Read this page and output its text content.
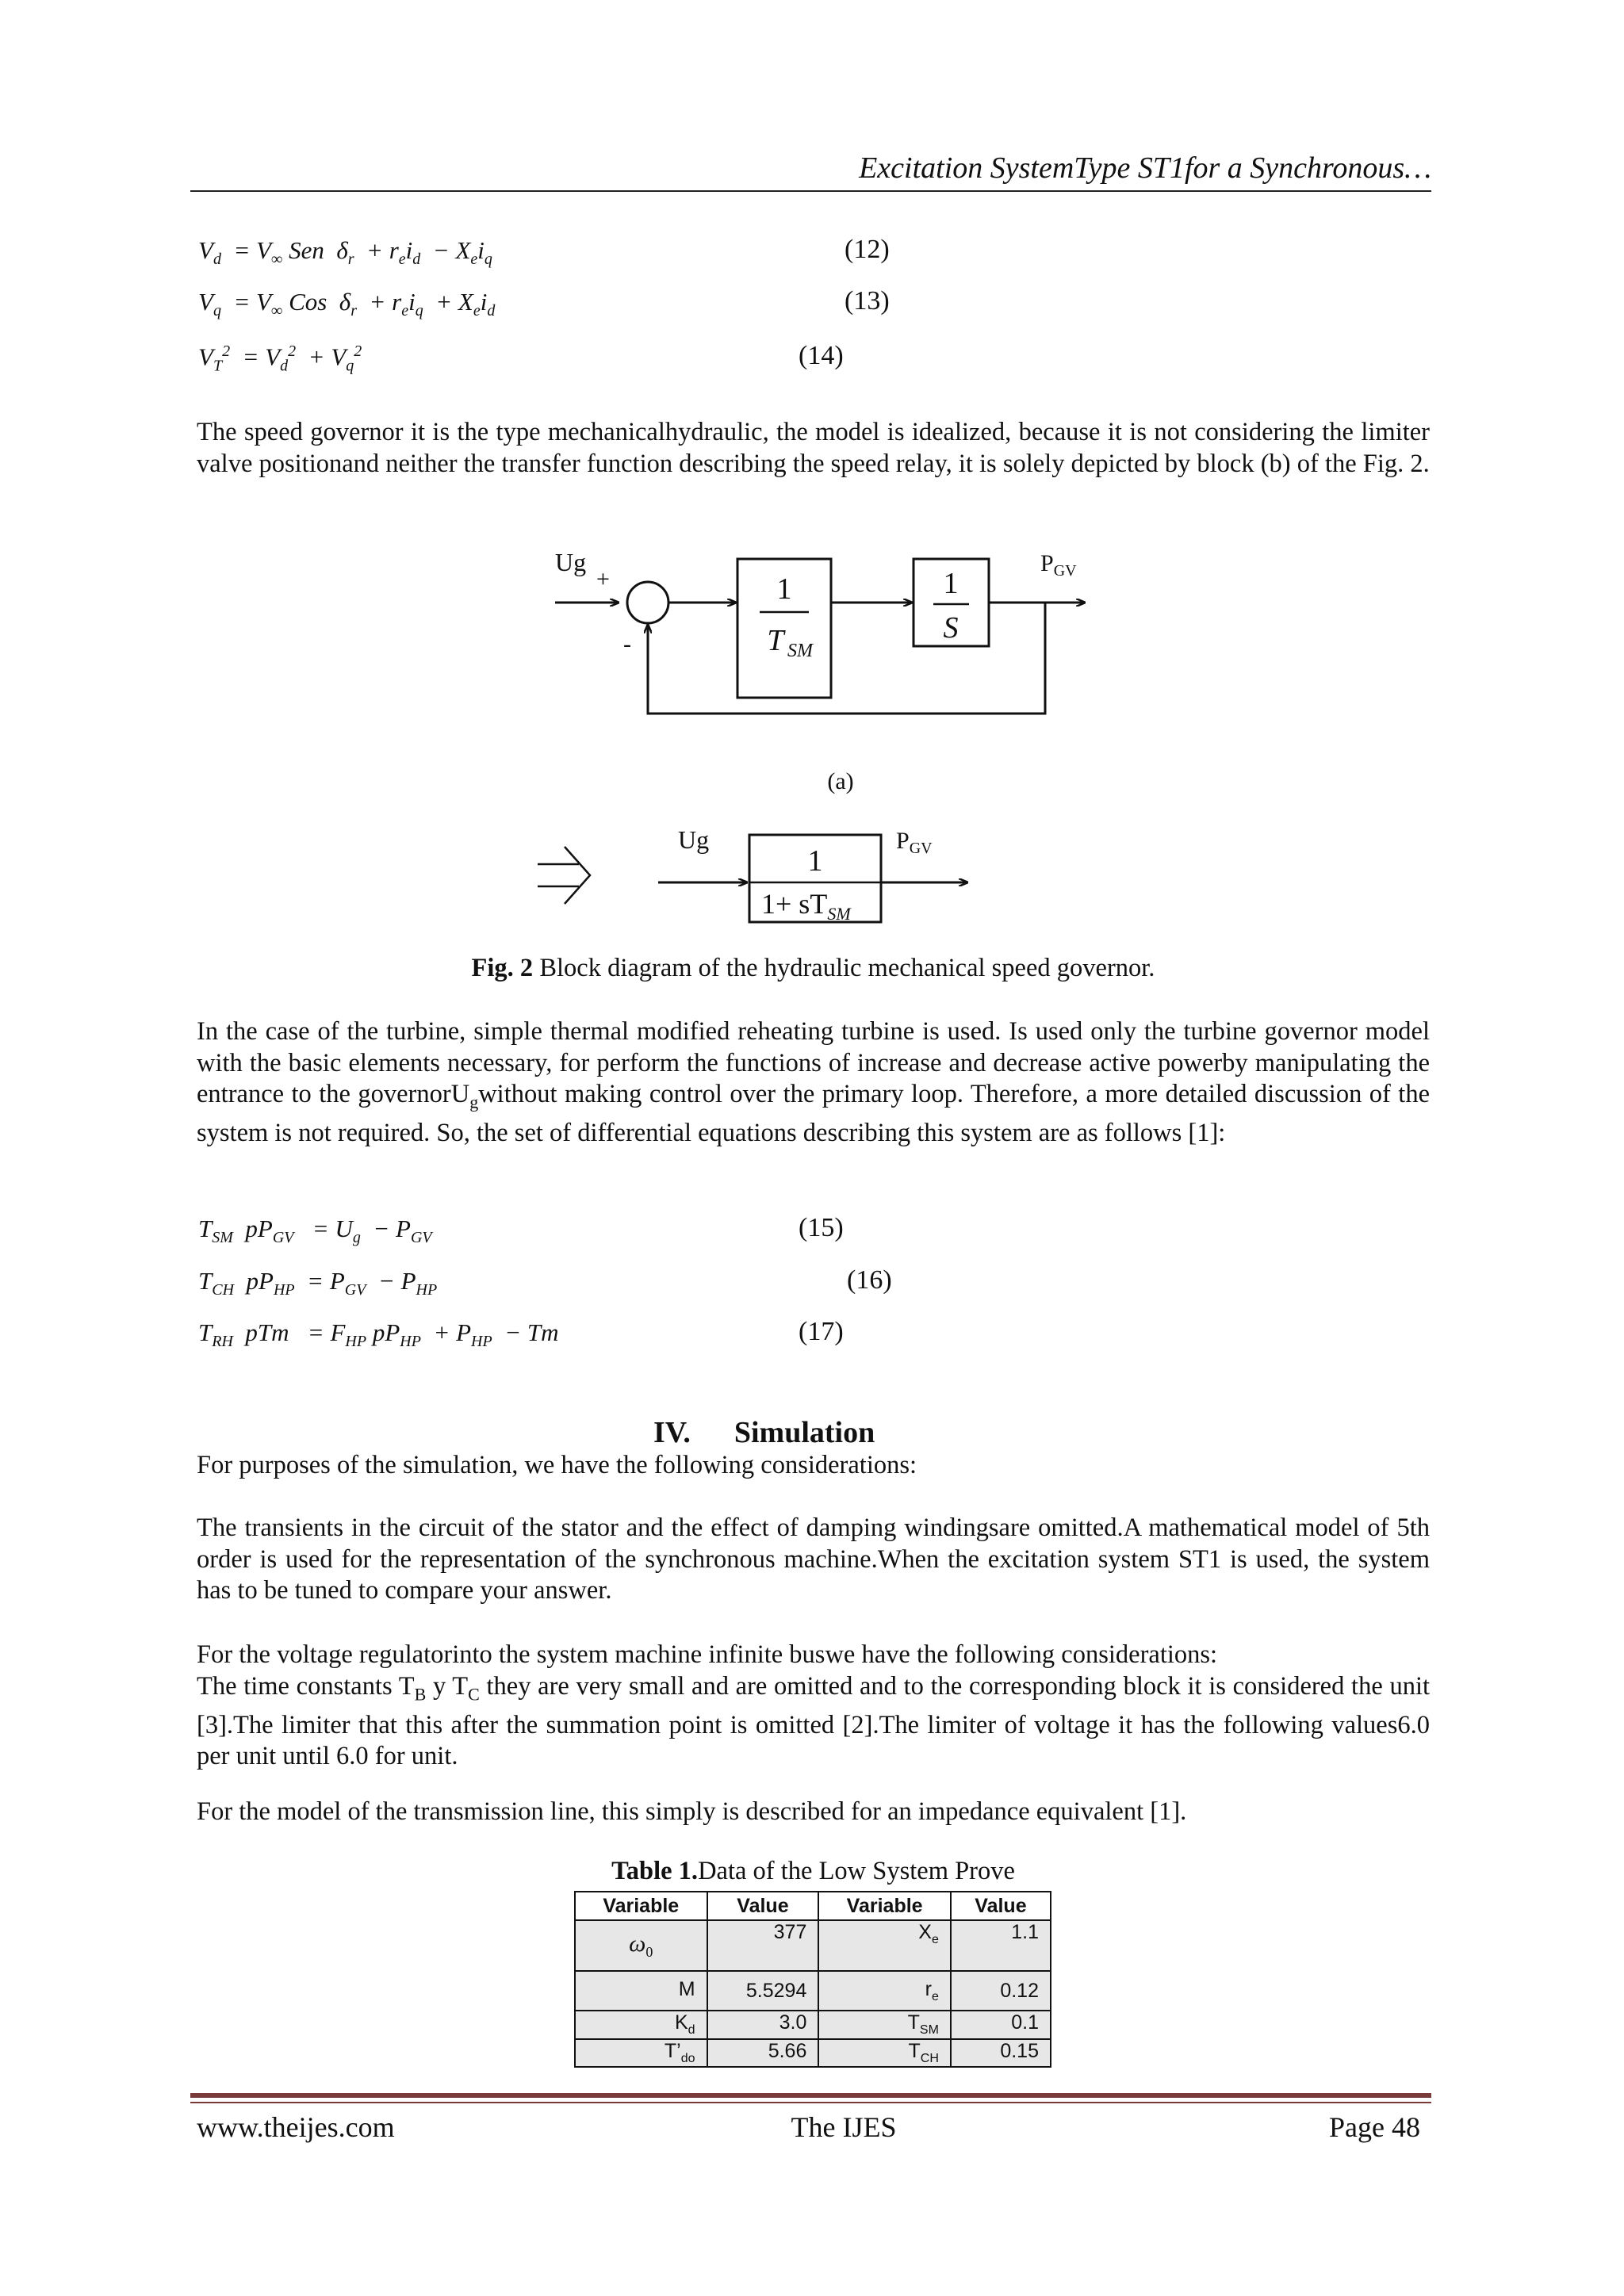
Excitation SystemType ST1for a Synchronous…
$V_d = V_\infty$ Sen  $\delta_r + r_ei_d - X_ei_q$	(12)
$V_q = V_\infty$ Cos  $\delta_r + r_ei_q + X_ei_d$	(13)
$V_T^2 = V_d^2 + V_q^2$	(14)
The speed governor it is the type mechanicalhydraulic, the model is idealized, because it is not considering the limiter valve positionand neither the transfer function describing the speed relay, it is solely depicted by block (b) of the Fig. 2.
Ug
+
-
1
T SM
1
S
$P_{GV}$
(a)
Ug
1
$1+ sT_{SM}$
$P_{GV}$
Fig. 2 Block diagram of the hydraulic mechanical speed governor.
In the case of the turbine, simple thermal modified reheating turbine is used. Is used only the turbine governor model with the basic elements necessary, for perform the functions of increase and decrease active powerby manipulating the entrance to the governorU$_g$without making control over the primary loop. Therefore, a more detailed discussion of the system is not required. So, the set of differential equations describing this system are as follows [1]:
$T_{SM}$  $pP_{GV} = U_g - P_{GV}$	(15)
$T_{CH}$  $pP_{HP} = P_{GV} - P_{HP}$	(16)
$T_{RH}$  pTm   = $F_{HP}$ $pP_{HP} + P_{HP} - Tm$	(17)
IV. Simulation
For purposes of the simulation, we have the following considerations:
The transients in the circuit of the stator and the effect of damping windingsare omitted.A mathematical model of 5th order is used for the representation of the synchronous machine.When the excitation system ST1 is used, the system has to be tuned to compare your answer.
For the voltage regulatorinto the system machine infinite buswe have the following considerations:
The time constants $T_B$ y $T_C$ they are very small and are omitted and to the corresponding block it is considered the unit [3].The limiter that this after the summation point is omitted [2].The limiter of voltage it has the following values6.0 per unit until 6.0 for unit.
For the model of the transmission line, this simply is described for an impedance equivalent [1].
Table 1.Data of the Low System Prove
Variable	Value	Variable	Value
$\omega_0$	377	$X_e$	1.1
M	5.5294	$r_e$	0.12
$K_d$	3.0	$T_{SM}$	0.1
$T’_{do}$	5.66	$T_{CH}$	0.15
www.theijes.com	The IJES	Page 48
